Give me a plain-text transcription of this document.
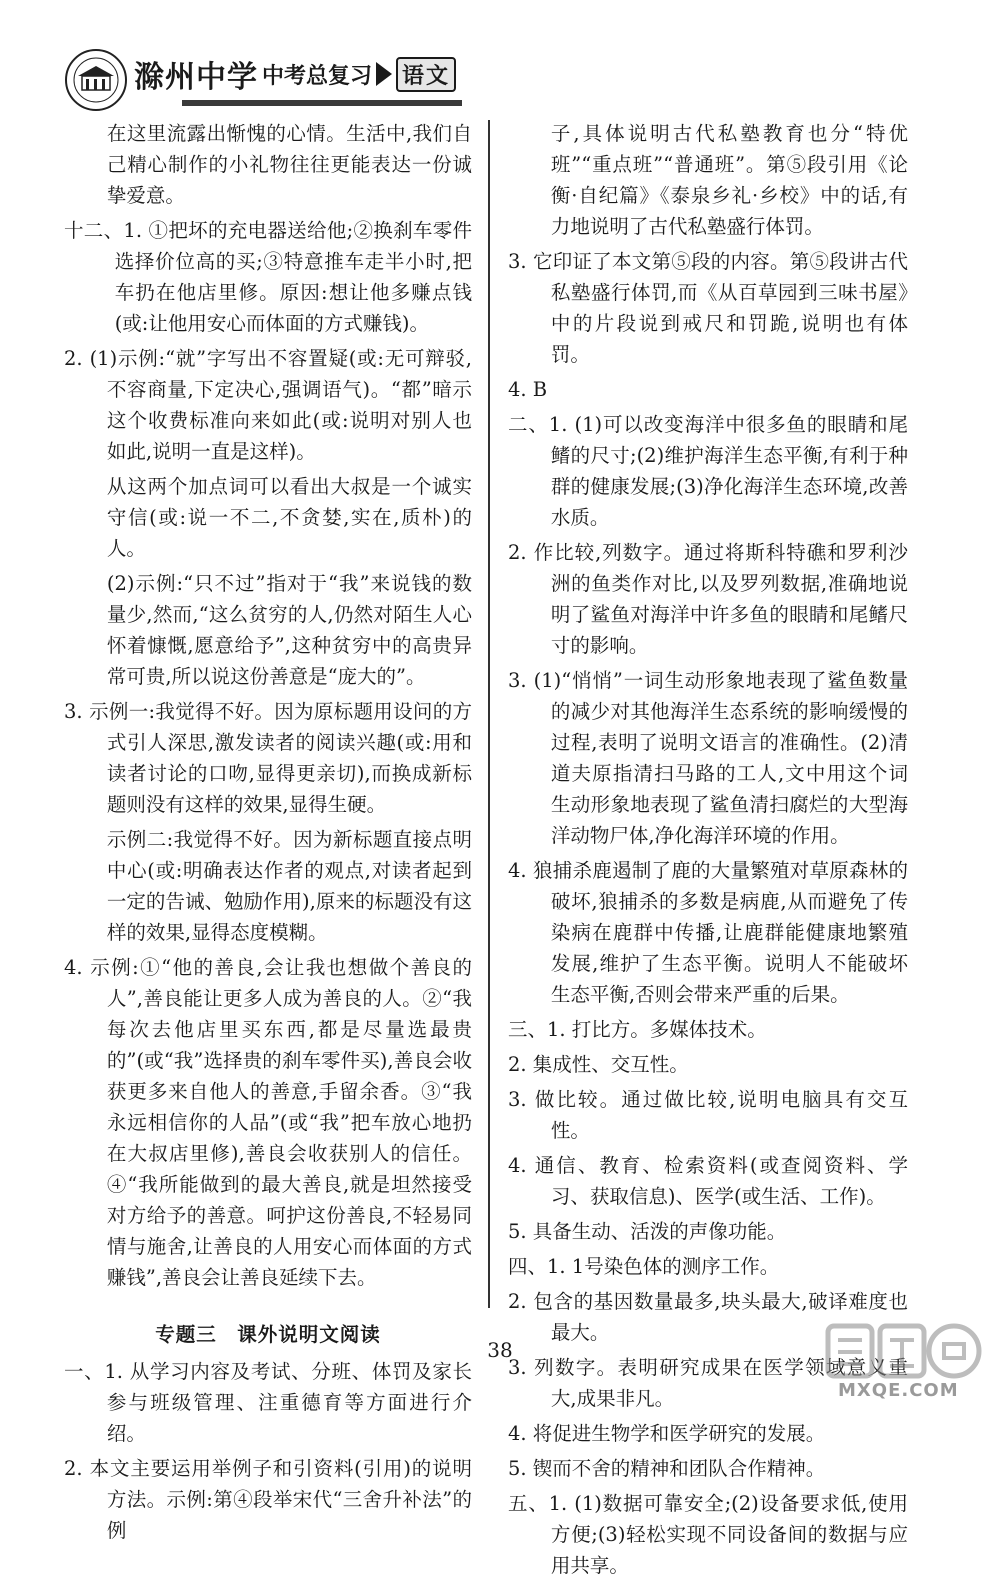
滁州中学 中考总复习 语文

在这里流露出惭愧的心情。生活中,我们自己精心制作的小礼物往往更能表达一份诚挚爱意。

十二、1. ①把坏的充电器送给他;②换刹车零件选择价位高的买;③特意推车走半小时,把车扔在他店里修。原因:想让他多赚点钱(或:让他用安心而体面的方式赚钱)。

2. (1)示例:“就”字写出不容置疑(或:无可辩驳,不容商量,下定决心,强调语气)。“都”暗示这个收费标准向来如此(或:说明对别人也如此,说明一直是这样)。

从这两个加点词可以看出大叔是一个诚实守信(或:说一不二,不贪婪,实在,质朴)的人。

(2)示例:“只不过”指对于“我”来说钱的数量少,然而,“这么贫穷的人,仍然对陌生人心怀着慷慨,愿意给予”,这种贫穷中的高贵异常可贵,所以说这份善意是“庞大的”。

3. 示例一:我觉得不好。因为原标题用设问的方式引人深思,激发读者的阅读兴趣(或:用和读者讨论的口吻,显得更亲切),而换成新标题则没有这样的效果,显得生硬。

示例二:我觉得不好。因为新标题直接点明中心(或:明确表达作者的观点,对读者起到一定的告诫、勉励作用),原来的标题没有这样的效果,显得态度模糊。

4. 示例:①“他的善良,会让我也想做个善良的人”,善良能让更多人成为善良的人。②“我每次去他店里买东西,都是尽量选最贵的”(或“我”选择贵的刹车零件买),善良会收获更多来自他人的善意,手留余香。③“我永远相信你的人品”(或“我”把车放心地扔在大叔店里修),善良会收获别人的信任。④“我所能做到的最大善良,就是坦然接受对方给予的善意。呵护这份善良,不轻易同情与施舍,让善良的人用安心而体面的方式赚钱”,善良会让善良延续下去。

专题三　课外说明文阅读

一、1. 从学习内容及考试、分班、体罚及家长参与班级管理、注重德育等方面进行介绍。

2. 本文主要运用举例子和引资料(引用)的说明方法。示例:第④段举宋代“三舍升补法”的例

子,具体说明古代私塾教育也分“特优班”“重点班”“普通班”。第⑤段引用《论衡·自纪篇》《泰泉乡礼·乡校》中的话,有力地说明了古代私塾盛行体罚。

3. 它印证了本文第⑤段的内容。第⑤段讲古代私塾盛行体罚,而《从百草园到三味书屋》中的片段说到戒尺和罚跪,说明也有体罚。

4. B

二、1. (1)可以改变海洋中很多鱼的眼睛和尾鳍的尺寸;(2)维护海洋生态平衡,有利于种群的健康发展;(3)净化海洋生态环境,改善水质。

2. 作比较,列数字。通过将斯科特礁和罗利沙洲的鱼类作对比,以及罗列数据,准确地说明了鲨鱼对海洋中许多鱼的眼睛和尾鳍尺寸的影响。

3. (1)“悄悄”一词生动形象地表现了鲨鱼数量的减少对其他海洋生态系统的影响缓慢的过程,表明了说明文语言的准确性。(2)清道夫原指清扫马路的工人,文中用这个词生动形象地表现了鲨鱼清扫腐烂的大型海洋动物尸体,净化海洋环境的作用。

4. 狼捕杀鹿遏制了鹿的大量繁殖对草原森林的破坏,狼捕杀的多数是病鹿,从而避免了传染病在鹿群中传播,让鹿群能健康地繁殖发展,维护了生态平衡。说明人不能破坏生态平衡,否则会带来严重的后果。

三、1. 打比方。多媒体技术。

2. 集成性、交互性。

3. 做比较。通过做比较,说明电脑具有交互性。

4. 通信、教育、检索资料(或查阅资料、学习、获取信息)、医学(或生活、工作)。

5. 具备生动、活泼的声像功能。

四、1. 1号染色体的测序工作。

2. 包含的基因数量最多,块头最大,破译难度也最大。

3. 列数字。表明研究成果在医学领域意义重大,成果非凡。

4. 将促进生物学和医学研究的发展。

5. 锲而不舍的精神和团队合作精神。

五、1. (1)数据可靠安全;(2)设备要求低,使用方便;(3)轻松实现不同设备间的数据与应用共享。

38
MXQE.COM
